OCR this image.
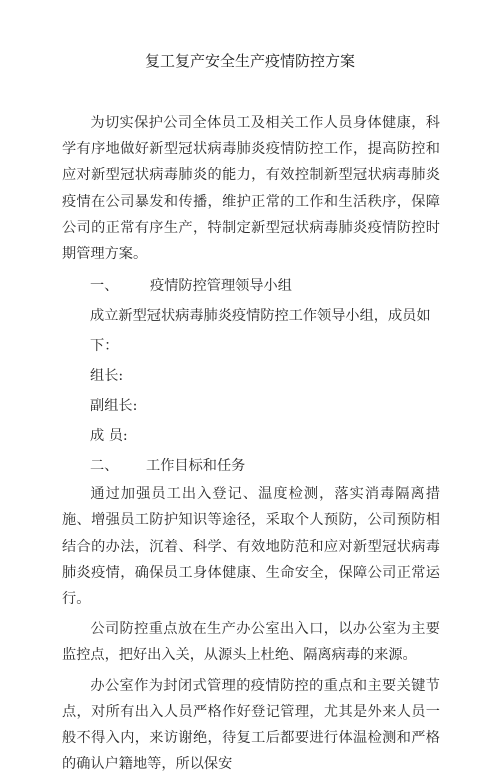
复工复产安全生产疫情防控方案

为切实保护公司全体员工及相关工作人员身体健康，科学有序地做好新型冠状病毒肺炎疫情防控工作，提高防控和应对新型冠状病毒肺炎的能力，有效控制新型冠状病毒肺炎疫情在公司暴发和传播，维护正常的工作和生活秩序，保障公司的正常有序生产，特制定新型冠状病毒肺炎疫情防控时期管理方案。

一、 疫情防控管理领导小组

成立新型冠状病毒肺炎疫情防控工作领导小组，成员如下：

组长:

副组长:

成 员:

二、 工作目标和任务

通过加强员工出入登记、温度检测，落实消毒隔离措施、增强员工防护知识等途径，采取个人预防，公司预防相结合的办法，沉着、科学、有效地防范和应对新型冠状病毒肺炎疫情，确保员工身体健康、生命安全，保障公司正常运行。

公司防控重点放在生产办公室出入口，以办公室为主要监控点，把好出入关，从源头上杜绝、隔离病毒的来源。

办公室作为封闭式管理的疫情防控的重点和主要关键节点，对所有出入人员严格作好登记管理，尤其是外来人员一般不得入内，来访谢绝，待复工后都要进行体温检测和严格的确认户籍地等，所以保安
